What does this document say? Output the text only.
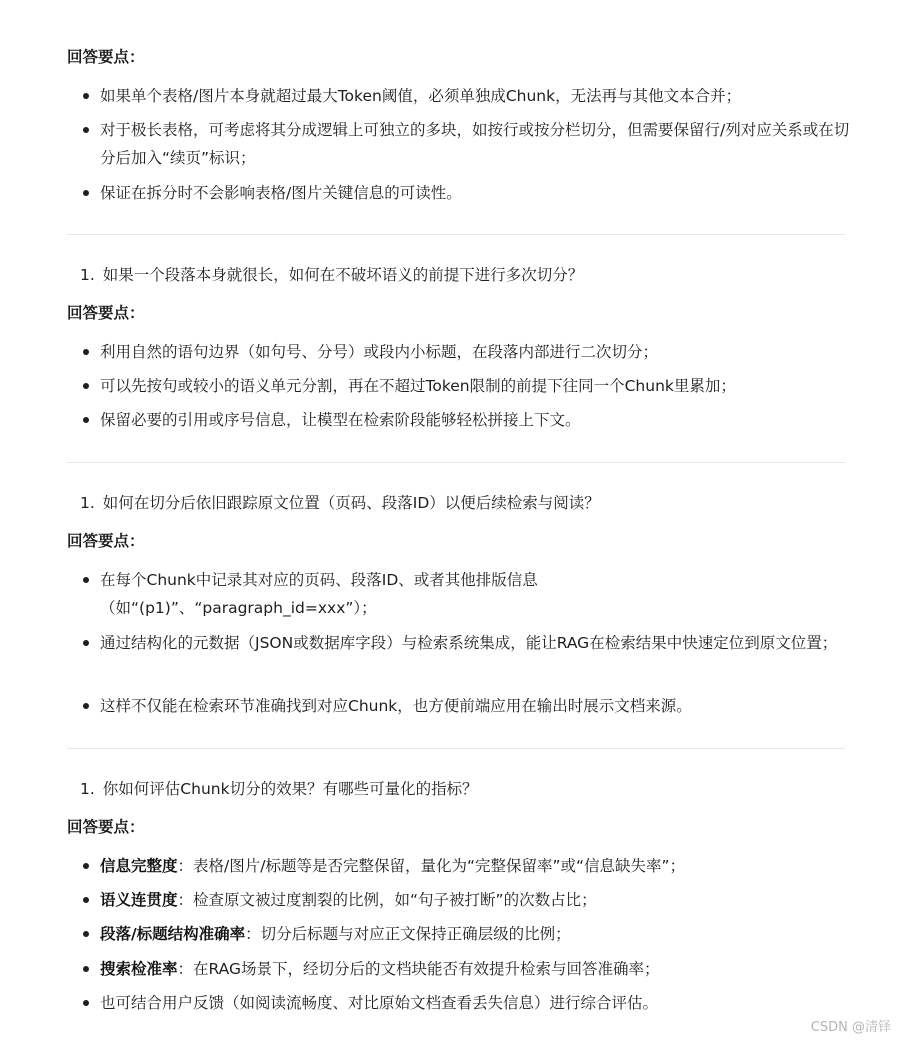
回答要点：
如果单个表格/图片本身就超过最大Token阈值，必须单独成Chunk，无法再与其他文本合并；
对于极长表格，可考虑将其分成逻辑上可独立的多块，如按行或按分栏切分，但需要保留行/列对应关系或在切分后加入“续页”标识；
保证在拆分时不会影响表格/图片关键信息的可读性。
1. 如果一个段落本身就很长，如何在不破坏语义的前提下进行多次切分？
回答要点：
利用自然的语句边界（如句号、分号）或段内小标题，在段落内部进行二次切分；
可以先按句或较小的语义单元分割，再在不超过Token限制的前提下往同一个Chunk里累加；
保留必要的引用或序号信息，让模型在检索阶段能够轻松拼接上下文。
1. 如何在切分后依旧跟踪原文位置（页码、段落ID）以便后续检索与阅读？
回答要点：
在每个Chunk中记录其对应的页码、段落ID、或者其他排版信息
（如“(p1)”、“paragraph_id=xxx”）；
通过结构化的元数据（JSON或数据库字段）与检索系统集成，能让RAG在检索结果中快速定位到原文位置；
这样不仅能在检索环节准确找到对应Chunk，也方便前端应用在输出时展示文档来源。
1. 你如何评估Chunk切分的效果？有哪些可量化的指标？
回答要点：
信息完整度：表格/图片/标题等是否完整保留，量化为“完整保留率”或“信息缺失率”；
语义连贯度：检查原文被过度割裂的比例，如“句子被打断”的次数占比；
段落/标题结构准确率：切分后标题与对应正文保持正确层级的比例；
搜索检准率：在RAG场景下，经切分后的文档块能否有效提升检索与回答准确率；
也可结合用户反馈（如阅读流畅度、对比原始文档查看丢失信息）进行综合评估。
CSDN @清铎
